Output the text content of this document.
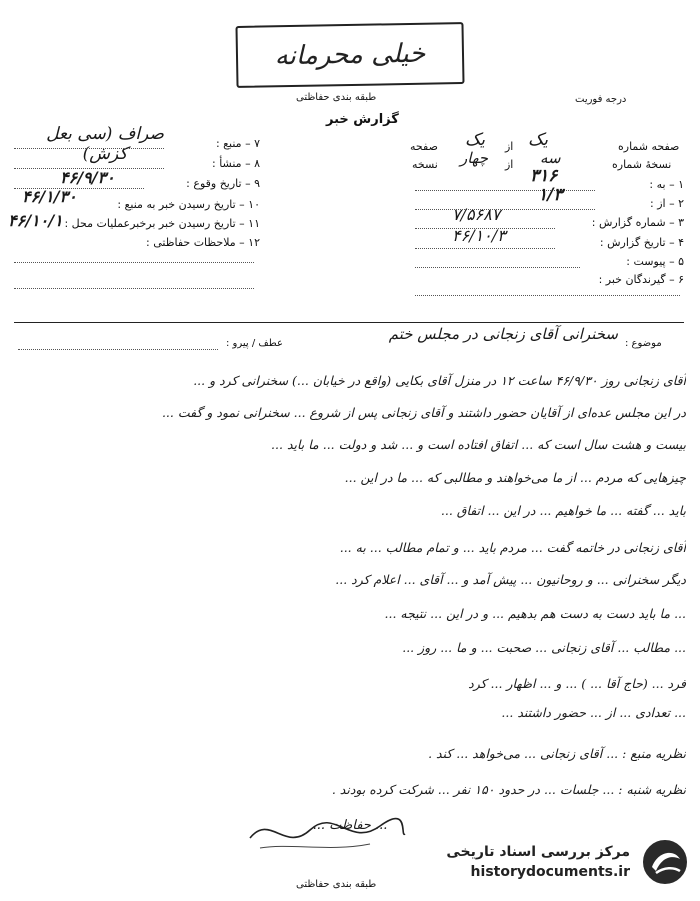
خیلی محرمانه
طبقه بندی حفاظتی	درجه فوریت
گزارش خبر
۷ – منبع :
صراف (سی بعل کزش)	۸ – منشأ :
۹ – تاریخ وقوع :
۴۶/۹/۳۰
۱۰ – تاریخ رسیدن خبر به منبع :
۴۶/۱/۳۰
۱۱ – تاریخ رسیدن خبر برخبرعملیات محل :
۴۶/۱۰/۱
۱۲ – ملاحظات حفاظتی :
صفحه شماره
یک
از
یک
صفحه
نسخهٔ شماره
سه
از
چهار
نسخه
۱ – به :
۳۱۶
۲ – از :
۱/۳
۳ – شماره گزارش :
۷/۵۶۸۷
۴ – تاریخ گزارش :
۴۶/۱۰/۳
۵ – پیوست :
۶ – گیرندگان خبر :
موضوع :
سخنرانی آقای زنجانی در مجلس ختم
عطف / پیرو :
آقای زنجانی روز ۴۶/۹/۳۰ ساعت ۱۲ در منزل آقای بکایی (واقع در خیابان ...) سخنرانی کرد و ...
در این مجلس عده‌ای از آقایان حضور داشتند و آقای زنجانی پس از شروع ... سخنرانی نمود و گفت ...
بیست و هشت سال است که ... اتفاق افتاده است و ... شد و دولت ... ما باید ...
چیزهایی که مردم ... از ما می‌خواهند و مطالبی که ... ما در این ...
باید ... گفته ... ما خواهیم ... در این ... اتفاق ...
آقای زنجانی در خاتمه گفت ... مردم باید ... و تمام مطالب ... به ...
دیگر سخنرانی ... و روحانیون ... پیش آمد و ... آقای ... اعلام کرد ...
... ما باید دست به دست هم بدهیم ... و در این ... نتیجه ...
... مطالب ... آقای زنجانی ... صحبت ... و ما ... روز ...
فرد ... (حاج آقا ... ) ... و ... اظهار ... کرد
... تعدادی ... از ... حضور داشتند ...
نظریه منبع : ... آقای زنجانی ... می‌خواهد ... کند .
نظریه شنبه : ... جلسات ... در حدود ۱۵۰ نفر ... شرکت کرده بودند .
... حفاظت ...
طبقه بندی حفاظتی
مرکز بررسی اسناد تاریخی
historydocuments.ir
